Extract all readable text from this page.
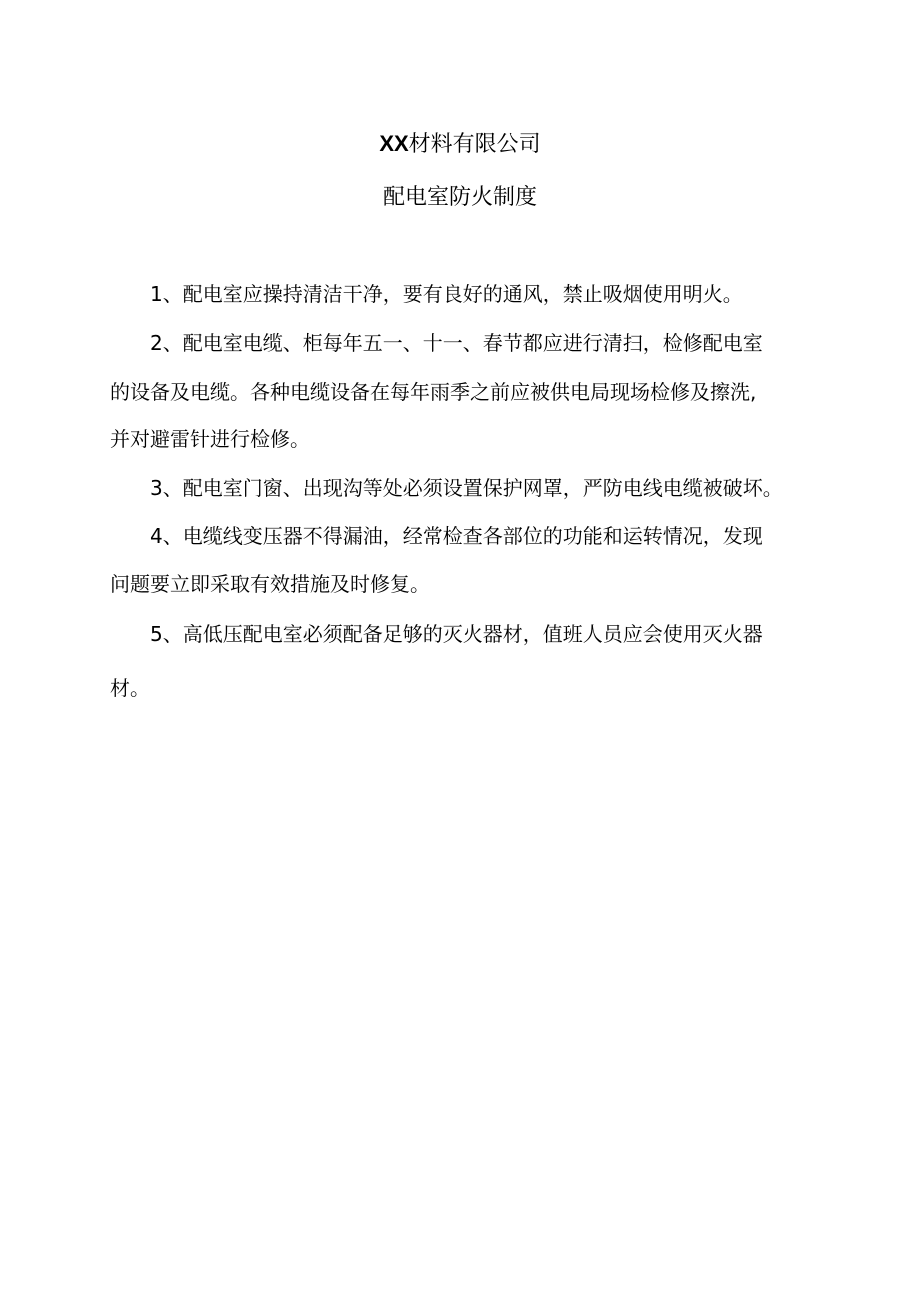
XX材料有限公司
配电室防火制度
1、配电室应操持清洁干净，要有良好的通风，禁止吸烟使用明火。
2、配电室电缆、柜每年五一、十一、春节都应进行清扫，检修配电室
的设备及电缆。各种电缆设备在每年雨季之前应被供电局现场检修及擦洗,
并对避雷针进行检修。
3、配电室门窗、出现沟等处必须设置保护网罩，严防电线电缆被破坏。
4、电缆线变压器不得漏油，经常检查各部位的功能和运转情况，发现
问题要立即采取有效措施及时修复。
5、高低压配电室必须配备足够的灭火器材，值班人员应会使用灭火器
材。
